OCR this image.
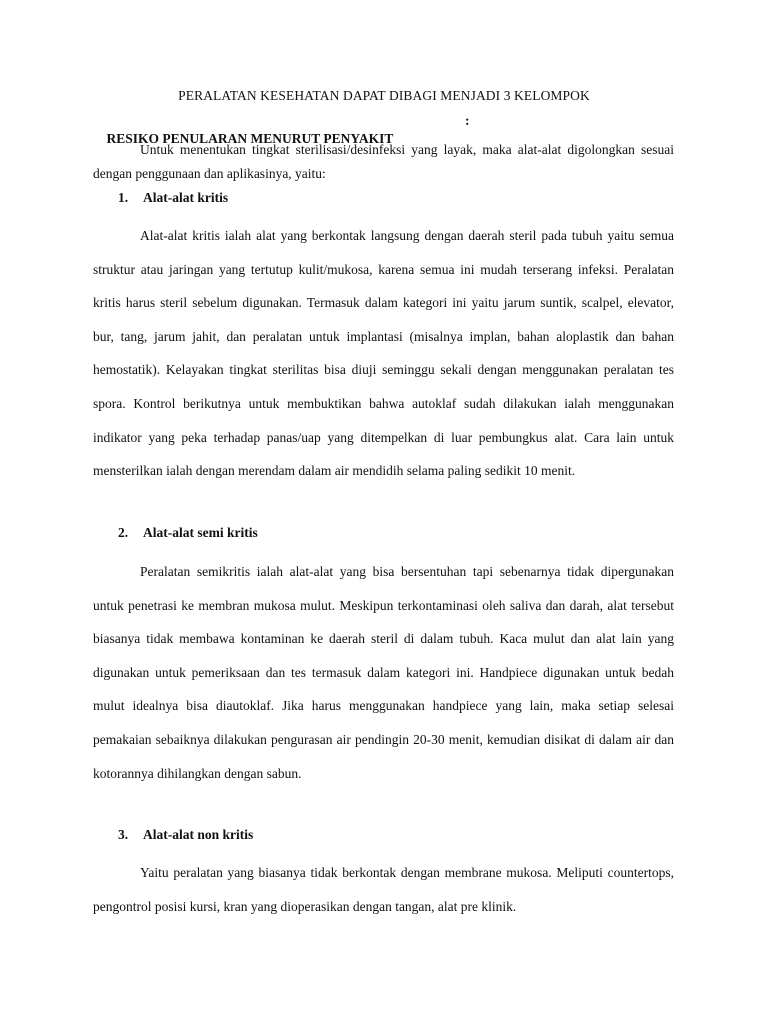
PERALATAN KESEHATAN DAPAT DIBAGI MENJADI 3 KELOMPOK

RESIKO PENULARAN MENURUT PENYAKIT

:

Untuk menentukan tingkat sterilisasi/desinfeksi yang layak, maka alat-alat digolongkan sesuai dengan penggunaan dan aplikasinya, yaitu:
1. Alat-alat kritis
Alat-alat kritis ialah alat yang berkontak langsung dengan daerah steril pada tubuh yaitu semua struktur atau jaringan yang tertutup kulit/mukosa, karena semua ini mudah terserang infeksi. Peralatan kritis harus steril sebelum digunakan. Termasuk dalam kategori ini yaitu jarum suntik, scalpel, elevator, bur, tang, jarum jahit, dan peralatan untuk implantasi (misalnya implan, bahan aloplastik dan bahan hemostatik). Kelayakan tingkat sterilitas bisa diuji seminggu sekali dengan menggunakan peralatan tes spora. Kontrol berikutnya untuk membuktikan bahwa autoklaf sudah dilakukan ialah menggunakan indikator yang peka terhadap panas/uap yang ditempelkan di luar pembungkus alat. Cara lain untuk mensterilkan ialah dengan merendam dalam air mendidih selama paling sedikit 10 menit.
2. Alat-alat semi kritis
Peralatan semikritis ialah alat-alat yang bisa bersentuhan tapi sebenarnya tidak dipergunakan untuk penetrasi ke membran mukosa mulut. Meskipun terkontaminasi oleh saliva dan darah, alat tersebut biasanya tidak membawa kontaminan ke daerah steril di dalam tubuh. Kaca mulut dan alat lain yang digunakan untuk pemeriksaan dan tes termasuk dalam kategori ini. Handpiece digunakan untuk bedah mulut idealnya bisa diautoklaf. Jika harus menggunakan handpiece yang lain, maka setiap selesai pemakaian sebaiknya dilakukan pengurasan air pendingin 20-30 menit, kemudian disikat di dalam air dan kotorannya dihilangkan dengan sabun.
3. Alat-alat non kritis
Yaitu peralatan yang biasanya tidak berkontak dengan membrane mukosa. Meliputi countertops, pengontrol posisi kursi, kran yang dioperasikan dengan tangan, alat pre klinik.
